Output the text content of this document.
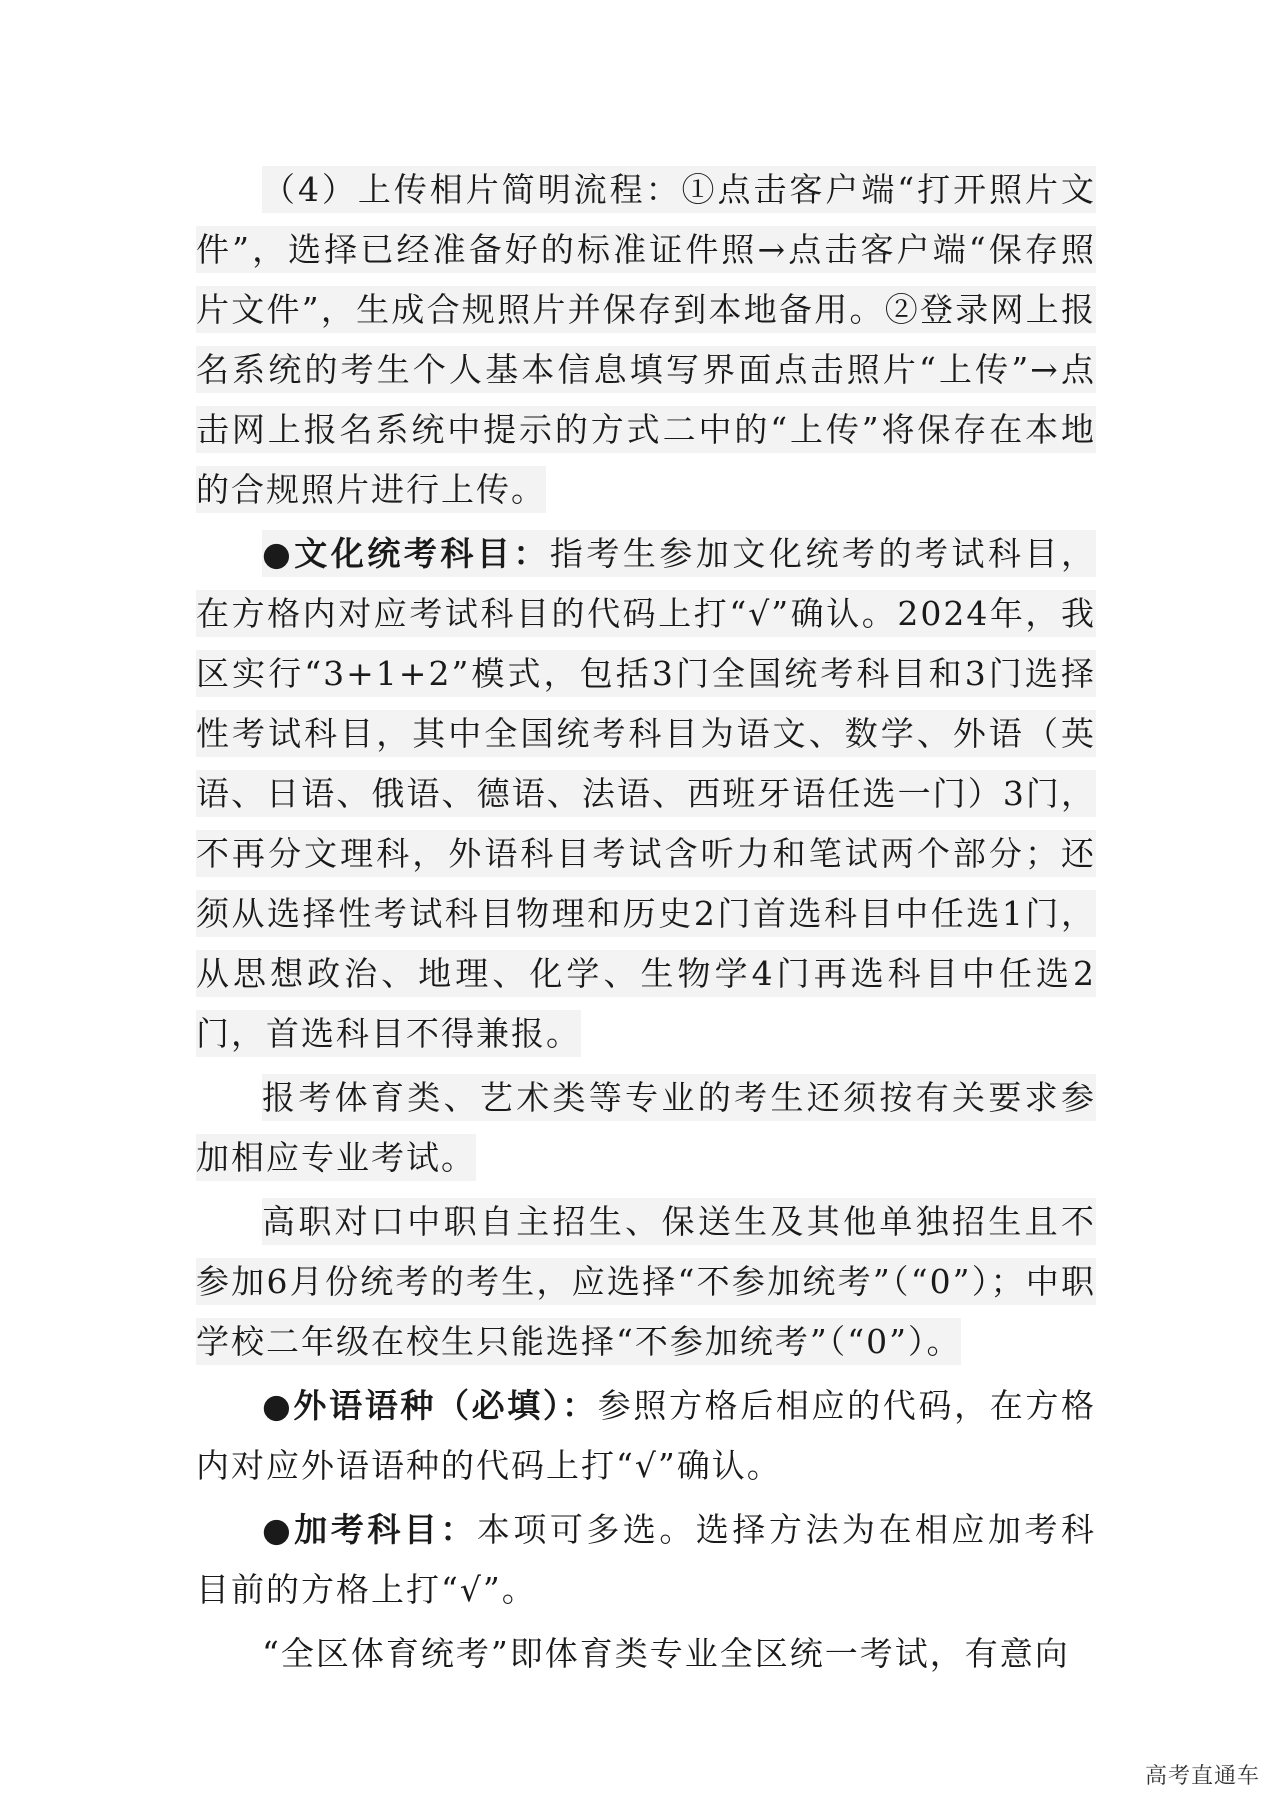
（4）上传相片简明流程：①点击客户端“打开照片文件”，选择已经准备好的标准证件照→点击客户端“保存照片文件”，生成合规照片并保存到本地备用。②登录网上报名系统的考生个人基本信息填写界面点击照片“上传”→点击网上报名系统中提示的方式二中的“上传”将保存在本地的合规照片进行上传。

●文化统考科目：指考生参加文化统考的考试科目，在方格内对应考试科目的代码上打“√”确认。2024年，我区实行“3+1+2”模式，包括3门全国统考科目和3门选择性考试科目，其中全国统考科目为语文、数学、外语（英语、日语、俄语、德语、法语、西班牙语任选一门）3门，不再分文理科，外语科目考试含听力和笔试两个部分；还须从选择性考试科目物理和历史2门首选科目中任选1门，从思想政治、地理、化学、生物学4门再选科目中任选2门，首选科目不得兼报。

报考体育类、艺术类等专业的考生还须按有关要求参加相应专业考试。

高职对口中职自主招生、保送生及其他单独招生且不参加6月份统考的考生，应选择“不参加统考”（“0”）；中职学校二年级在校生只能选择“不参加统考”（“0”）。

●外语语种（必填）：参照方格后相应的代码，在方格内对应外语语种的代码上打“√”确认。

●加考科目：本项可多选。选择方法为在相应加考科目前的方格上打“√”。

“全区体育统考”即体育类专业全区统一考试，有意向

高考直通车
